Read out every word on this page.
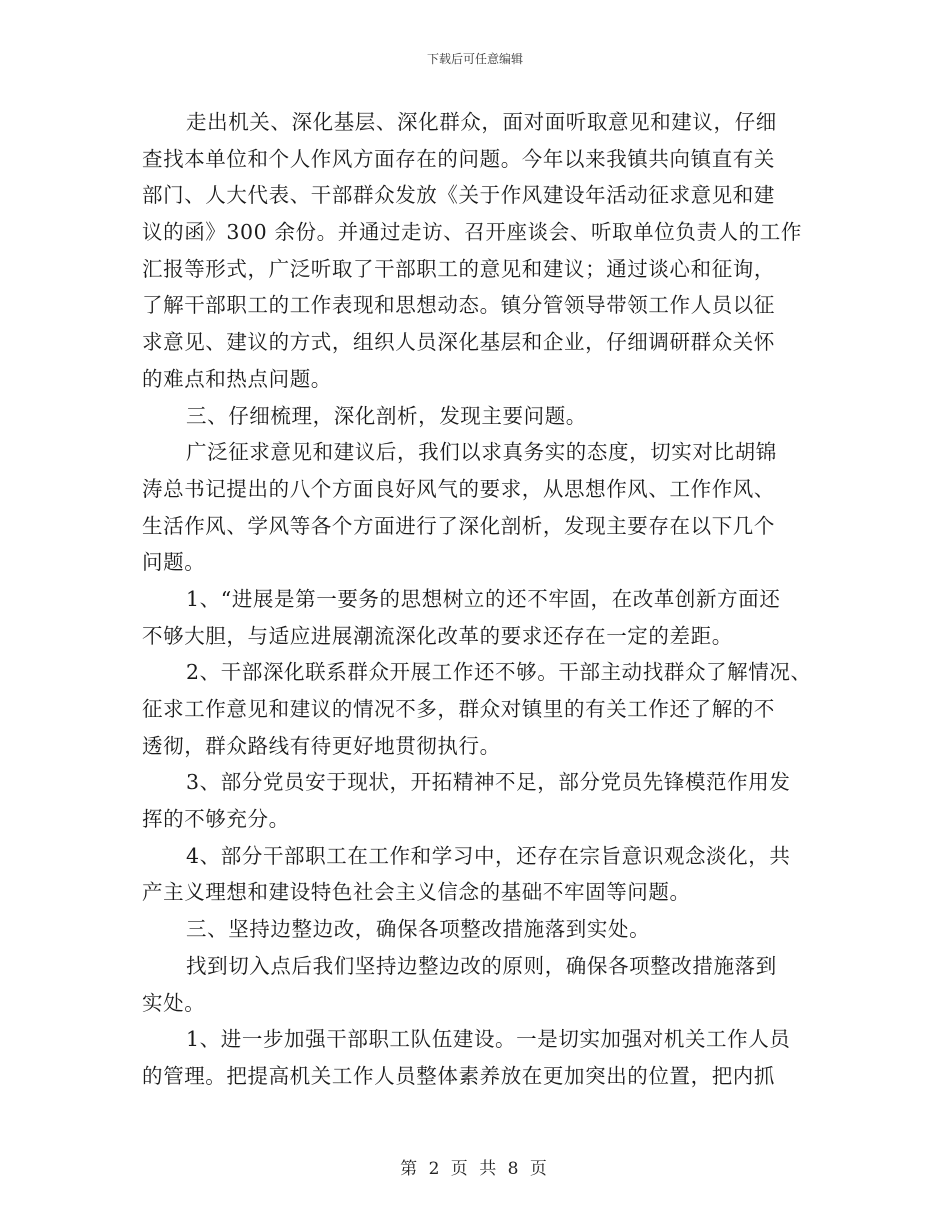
下载后可任意编辑
走出机关、深化基层、深化群众，面对面听取意见和建议，仔细
查找本单位和个人作风方面存在的问题。今年以来我镇共向镇直有关
部门、人大代表、干部群众发放《关于作风建设年活动征求意见和建
议的函》300 余份。并通过走访、召开座谈会、听取单位负责人的工作
汇报等形式，广泛听取了干部职工的意见和建议；通过谈心和征询，
了解干部职工的工作表现和思想动态。镇分管领导带领工作人员以征
求意见、建议的方式，组织人员深化基层和企业，仔细调研群众关怀
的难点和热点问题。
三、仔细梳理，深化剖析，发现主要问题。
广泛征求意见和建议后，我们以求真务实的态度，切实对比胡锦
涛总书记提出的八个方面良好风气的要求，从思想作风、工作作风、
生活作风、学风等各个方面进行了深化剖析，发现主要存在以下几个
问题。
1、“进展是第一要务的思想树立的还不牢固，在改革创新方面还
不够大胆，与适应进展潮流深化改革的要求还存在一定的差距。
2、干部深化联系群众开展工作还不够。干部主动找群众了解情况、
征求工作意见和建议的情况不多，群众对镇里的有关工作还了解的不
透彻，群众路线有待更好地贯彻执行。
3、部分党员安于现状，开拓精神不足，部分党员先锋模范作用发
挥的不够充分。
4、部分干部职工在工作和学习中，还存在宗旨意识观念淡化，共
产主义理想和建设特色社会主义信念的基础不牢固等问题。
三、坚持边整边改，确保各项整改措施落到实处。
找到切入点后我们坚持边整边改的原则，确保各项整改措施落到
实处。
1、进一步加强干部职工队伍建设。一是切实加强对机关工作人员
的管理。把提高机关工作人员整体素养放在更加突出的位置，把内抓
第 2 页 共 8 页
